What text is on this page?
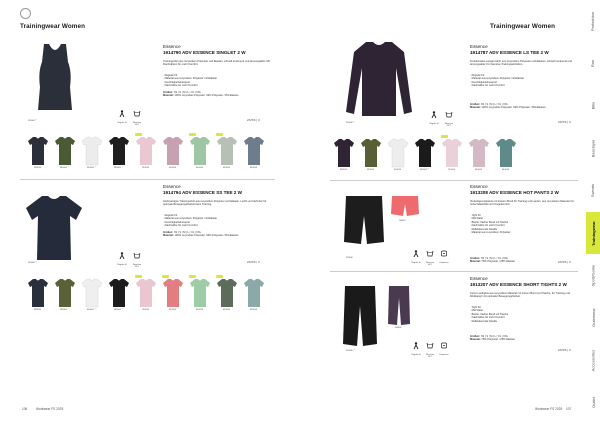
Trainingwear Women
Essence
1914790 ADV ESSENCE SINGLET 2 W
Trainingsshirt aus recyceltem Polyester und Elastan, schnell trocknend und atmungsaktiv. Mit Flachnähten für mehr Komfort.
· Regular Fit
· Material aus recyceltem Polyester mit Elastan
· Feuchtigkeitstransport
· Flachnähte für mehr Komfort
Größen: XS | S | M | L | XL | XXL
Material: 100% recyceltes Polyester. 92% Polyester / 8% Elastan.
999000 **
Regulär fit	Waschen 40°C
2X/XS | 3
999000	396000 **	900000 **	999000 **	740000	600000	640000	690000	890000
Essence
1914794 ADV ESSENCE SS TEE 2 W
Hochwertiges Trainingsshirt aus recyceltem Polyester und Elastan. Leicht und dehnbar für optimale Bewegungsfreiheit beim Training.
· Regular Fit
· Material aus recyceltem Polyester mit Elastan
· Feuchtigkeitstransport
· Flachnähte für mehr Komfort
Größen: XS | S | M | L | XL | XXL
Material: 100% recyceltes Polyester. 92% Polyester / 8% Elastan.
999000 **
Regulär fit	Waschen 40°C
2X/XS | 3
999000	396000 **	900000 **	999000 **	740000	600000	640000	690000	890000
106	Workwear FS 2025
Trainingwear Women
Essence
1914787 ADV ESSENCE LS TEE 2 W
Funktionelles Langarmshirt aus recyceltem Polyester und Elastan, schnell trocknend und atmungsaktiv, für intensive Trainingseinheiten.
· Regular Fit
· Material aus recyceltem Polyester mit Elastan
· Feuchtigkeitstransport
· Flachnähte für mehr Komfort
Größen: XS | S | M | L | XL | XXL
Material: 100% recyceltes Polyester. 92% Polyester / 8% Elastan.
999000 **	Regulär fit	Waschen 40°C
2X/XS | 3
999000	396000	900000	999000 **	740000	600000	640000
740000
Essence
1913208 ADV ESSENCE HOT PANTS 2 W
Vielseitige Hotpants mit breitem Bund für Training und Laufen, aus recyceltem Material mit hoher Elastizität und Tragekomfort.
· Tight Fit
· Mid Waist
· Breiter, flacher Bund mit Tasche
· Flachnähte für mehr Komfort
· Reflektierende Details
· Material aus recyceltem Polyester
Größen: XS | S | M | L | XL | XXL
Material: 75% Polyester / 25% Elastan.
999000
Regulär fit	Waschen 40°C
Kompress	2X/XS | 3
435000
Essence
1913207 ADV ESSENCE SHORT TIGHTS 2 W
Kurze Lauftights aus recyceltem Material mit hohem Bund und Tasche, für Training und Wettkampf mit optimaler Bewegungsfreiheit.
· Tight Fit
· Mid Waist
· Breiter, flacher Bund mit Tasche
· Flachnähte für mehr Komfort
· Reflektierende Details
Größen: XS | S | M | L | XL | XXL
Material: 75% Polyester / 25% Elastan.
999000 **
Regulär fit	Waschen 40°C
Kompress
2X/XS | 3
Workwear FS 2025 107
Profashion
Run
Bike
Baselayer
Sweats
Trainingwear
Sport/Game
Outerwear
Accessories
Outlet
